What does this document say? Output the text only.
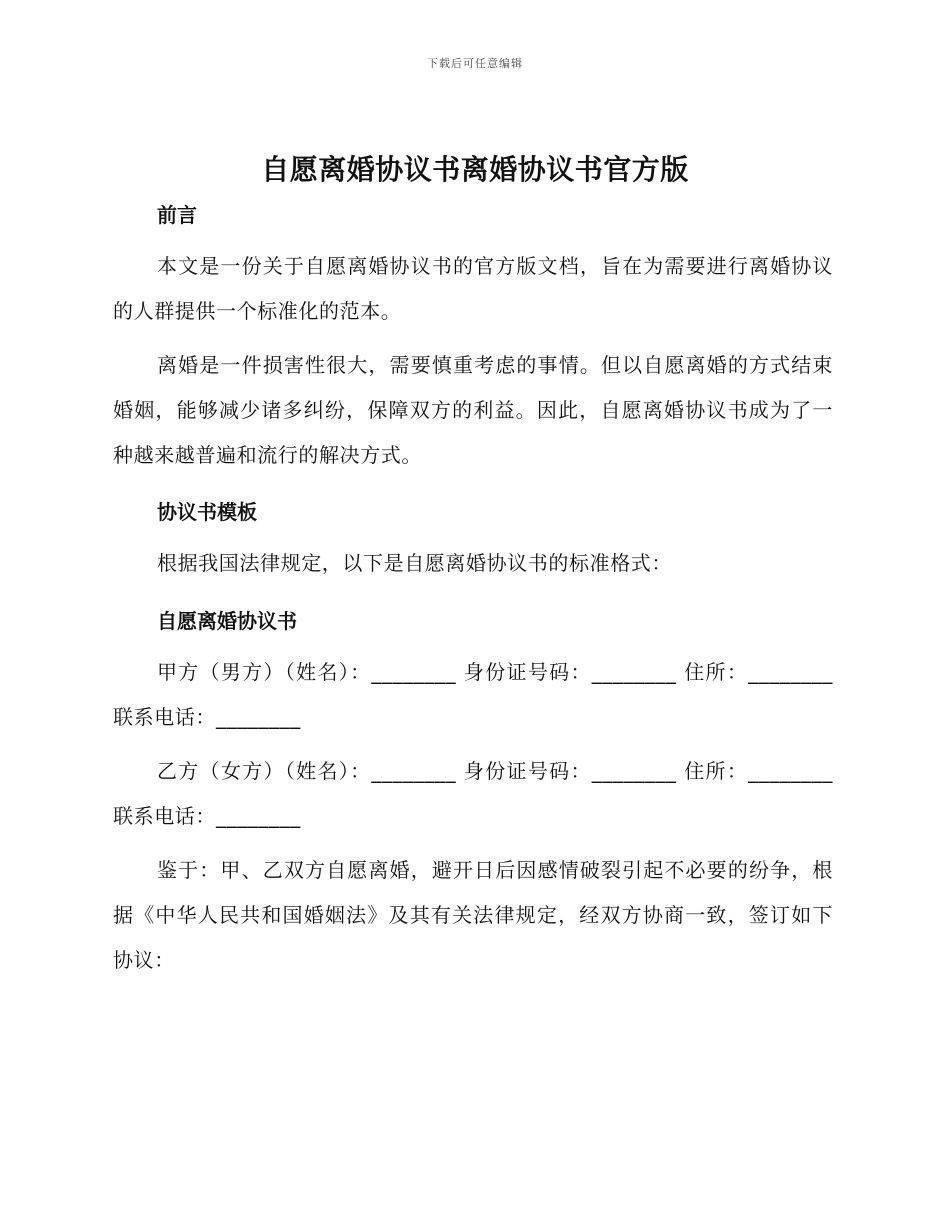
下载后可任意编辑
自愿离婚协议书离婚协议书官方版
前言

本文是一份关于自愿离婚协议书的官方版文档，旨在为需要进行离婚协议的人群提供一个标准化的范本。

离婚是一件损害性很大，需要慎重考虑的事情。但以自愿离婚的方式结束婚姻，能够减少诸多纠纷，保障双方的利益。因此，自愿离婚协议书成为了一种越来越普遍和流行的解决方式。

协议书模板

根据我国法律规定，以下是自愿离婚协议书的标准格式：

自愿离婚协议书

甲方（男方）（姓名）：________ 身份证号码：________ 住所：________ 联系电话：________

乙方（女方）（姓名）：________ 身份证号码：________ 住所：________ 联系电话：________

鉴于：甲、乙双方自愿离婚，避开日后因感情破裂引起不必要的纷争，根据《中华人民共和国婚姻法》及其有关法律规定，经双方协商一致，签订如下协议：
